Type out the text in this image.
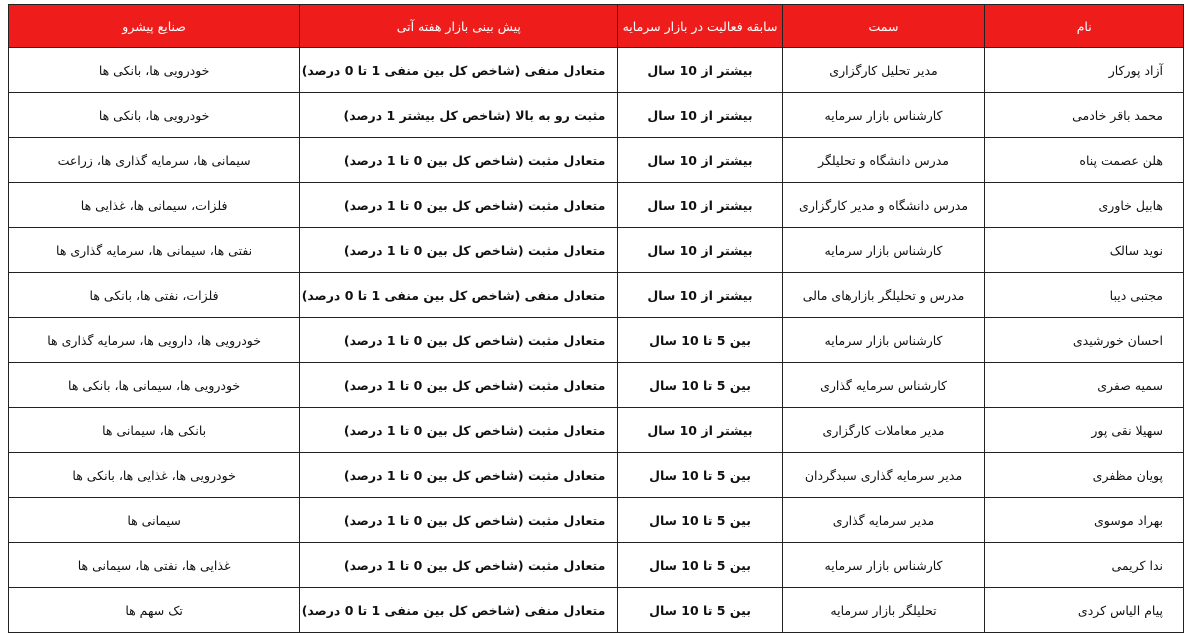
نام	سمت	سابقه فعالیت در بازار سرمایه	پیش بینی بازار هفته آتی	صنایع پیشرو
آزاد پورکار	مدیر تحلیل کارگزاری	بیشتر از 10 سال	متعادل منفی (شاخص کل بین منفی 1 تا 0 درصد)	خودرویی ها، بانکی ها
محمد باقر خادمی	کارشناس بازار سرمایه	بیشتر از 10 سال	مثبت رو به بالا (شاخص کل بیشتر 1 درصد)	خودرویی ها، بانکی ها
هلن عصمت پناه	مدرس دانشگاه و تحلیلگر	بیشتر از 10 سال	متعادل مثبت (شاخص کل بین 0 تا 1 درصد)	سیمانی ها، سرمایه گذاری ها، زراعت
هابیل خاوری	مدرس دانشگاه و مدیر کارگزاری	بیشتر از 10 سال	متعادل مثبت (شاخص کل بین 0 تا 1 درصد)	فلزات، سیمانی ها، غذایی ها
نوید سالک	کارشناس بازار سرمایه	بیشتر از 10 سال	متعادل مثبت (شاخص کل بین 0 تا 1 درصد)	نفتی ها، سیمانی ها، سرمایه گذاری ها
مجتبی دیبا	مدرس و تحلیلگر بازارهای مالی	بیشتر از 10 سال	متعادل منفی (شاخص کل بین منفی 1 تا 0 درصد)	فلزات، نفتی ها، بانکی ها
احسان خورشیدی	کارشناس بازار سرمایه	بین 5 تا 10 سال	متعادل مثبت (شاخص کل بین 0 تا 1 درصد)	خودرویی ها، دارویی ها، سرمایه گذاری ها
سمیه صفری	کارشناس سرمایه گذاری	بین 5 تا 10 سال	متعادل مثبت (شاخص کل بین 0 تا 1 درصد)	خودرویی ها، سیمانی ها، بانکی ها
سهیلا نقی پور	مدیر معاملات کارگزاری	بیشتر از 10 سال	متعادل مثبت (شاخص کل بین 0 تا 1 درصد)	بانکی ها، سیمانی ها
پویان مظفری	مدیر سرمایه گذاری سبدگردان	بین 5 تا 10 سال	متعادل مثبت (شاخص کل بین 0 تا 1 درصد)	خودرویی ها، غذایی ها، بانکی ها
بهراد موسوی	مدیر سرمایه گذاری	بین 5 تا 10 سال	متعادل مثبت (شاخص کل بین 0 تا 1 درصد)	سیمانی ها
ندا کریمی	کارشناس بازار سرمایه	بین 5 تا 10 سال	متعادل مثبت (شاخص کل بین 0 تا 1 درصد)	غذایی ها، نفتی ها، سیمانی ها
پیام الیاس کردی	تحلیلگر بازار سرمایه	بین 5 تا 10 سال	متعادل منفی (شاخص کل بین منفی 1 تا 0 درصد)	تک سهم ها
